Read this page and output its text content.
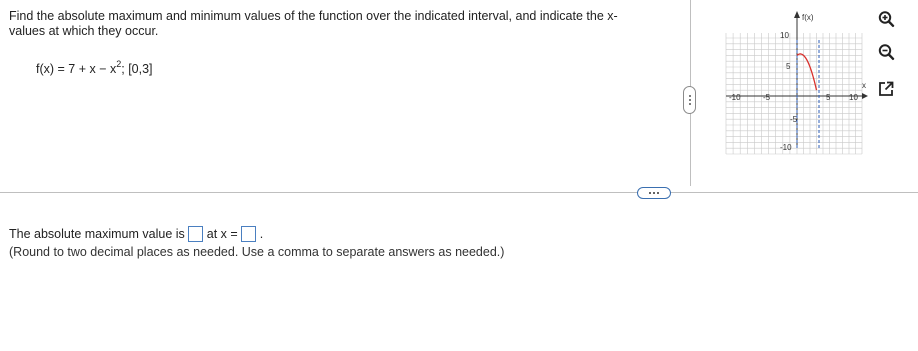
Find the absolute maximum and minimum values of the function over the indicated interval, and indicate the x-values at which they occur.
$f(x) = 7 + x - x^2$; [0,3]
f(x)
x
-10	-5	5 10
10
5
-5
-10
The absolute maximum value is at x = .
(Round to two decimal places as needed. Use a comma to separate answers as needed.)
